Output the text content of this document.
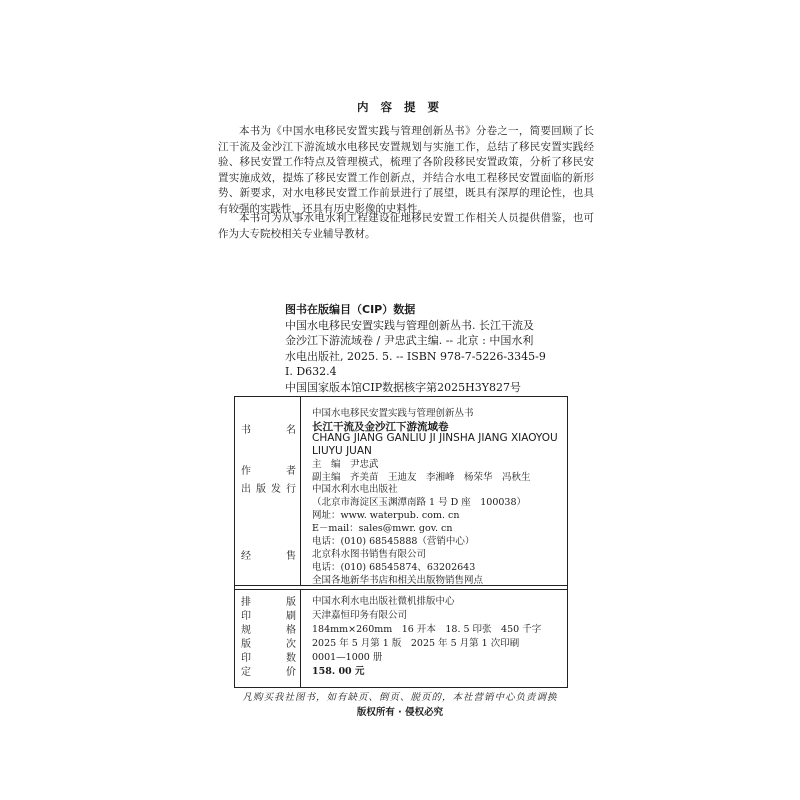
内 容 提 要

本书为《中国水电移民安置实践与管理创新丛书》分卷之一，简要回顾了长江干流及金沙江下游流域水电移民安置规划与实施工作，总结了移民安置实践经验、移民安置工作特点及管理模式，梳理了各阶段移民安置政策，分析了移民安置实施成效，提炼了移民安置工作创新点，并结合水电工程移民安置面临的新形势、新要求，对水电移民安置工作前景进行了展望，既具有深厚的理论性，也具有较强的实践性，还具有历史影像的史料性。

本书可为从事水电水利工程建设征地移民安置工作相关人员提供借鉴，也可作为大专院校相关专业辅导教材。

图书在版编目（CIP）数据
中国水电移民安置实践与管理创新丛书. 长江干流及
金沙江下游流域卷 / 尹忠武主编. -- 北京 : 中国水利
水电出版社, 2025. 5. -- ISBN 978-7-5226-3345-9
Ⅰ. D632.4
中国国家版本馆CIP数据核字第2025H3Y827号
中国水电移民安置实践与管理创新丛书
书	名 长江干流及金沙江下游流域卷
CHANG JIANG GANLIU JI JINSHA JIANG XIAOYOU
LIUYU JUAN
作	者
主　编　尹忠武
副主编　齐美苗　王迪友　李湘峰　杨荣华　冯秋生
出 版 发 行 中国水利水电出版社
（北京市海淀区玉渊潭南路 1 号 D 座　100038）
网址：www. waterpub. com. cn
E－mail：sales@mwr. gov. cn
电话：(010) 68545888（营销中心）
经	售 北京科水图书销售有限公司
电话：(010) 68545874、63202643
全国各地新华书店和相关出版物销售网点
排	版 中国水利水电出版社微机排版中心
印	刷 天津嘉恒印务有限公司
规	格 184mm×260mm　16 开本　18. 5 印张　450 千字
版	次 2025 年 5 月第 1 版　2025 年 5 月第 1 次印刷
印	数 0001—1000 册
定	价 158. 00 元
凡购买我社图书，如有缺页、倒页、脱页的，本社营销中心负责调换
版权所有 · 侵权必究
